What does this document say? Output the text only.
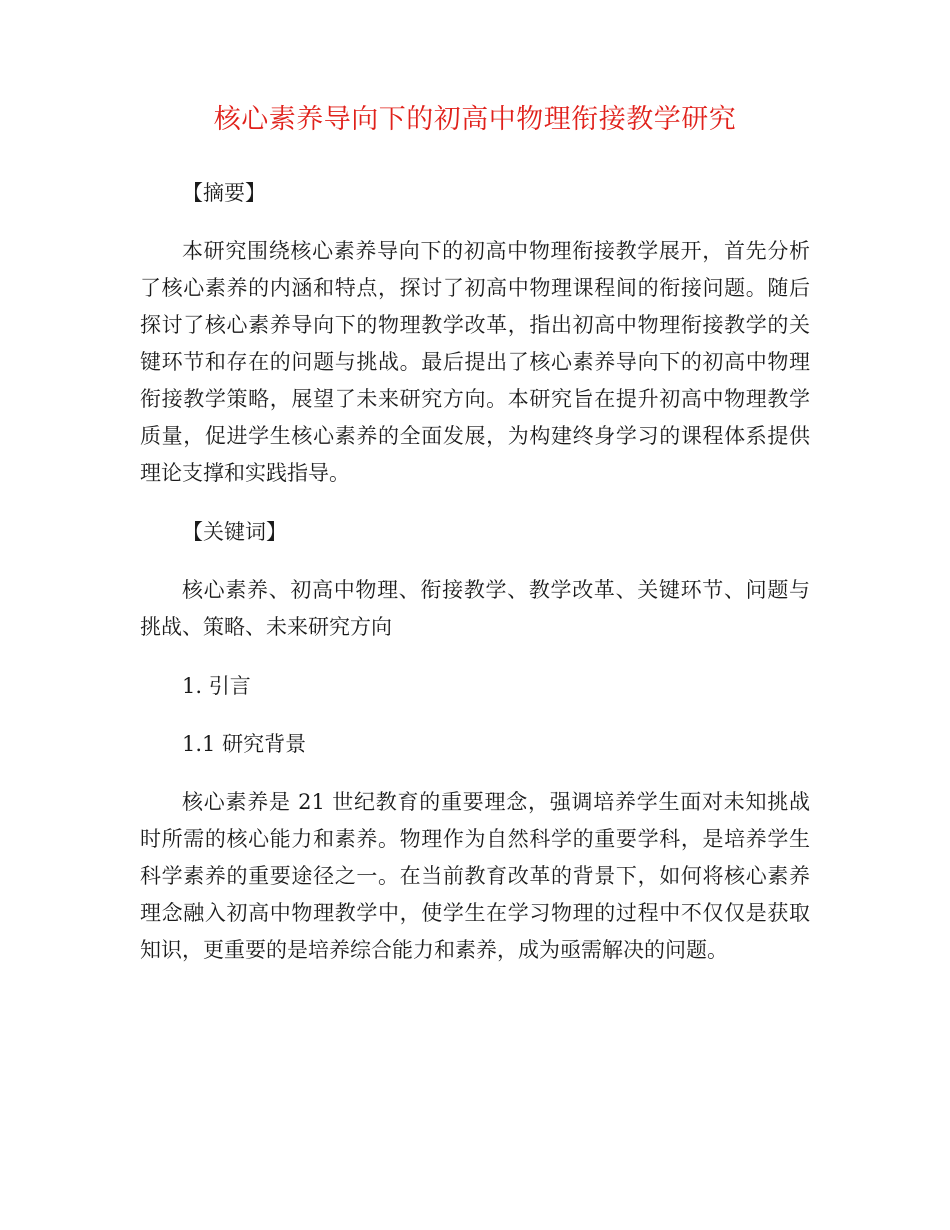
核心素养导向下的初高中物理衔接教学研究

【摘要】

本研究围绕核心素养导向下的初高中物理衔接教学展开，首先分析了核心素养的内涵和特点，探讨了初高中物理课程间的衔接问题。随后探讨了核心素养导向下的物理教学改革，指出初高中物理衔接教学的关键环节和存在的问题与挑战。最后提出了核心素养导向下的初高中物理衔接教学策略，展望了未来研究方向。本研究旨在提升初高中物理教学质量，促进学生核心素养的全面发展，为构建终身学习的课程体系提供理论支撑和实践指导。

【关键词】

核心素养、初高中物理、衔接教学、教学改革、关键环节、问题与挑战、策略、未来研究方向

1. 引言

1.1 研究背景

核心素养是 21 世纪教育的重要理念，强调培养学生面对未知挑战时所需的核心能力和素养。物理作为自然科学的重要学科，是培养学生科学素养的重要途径之一。在当前教育改革的背景下，如何将核心素养理念融入初高中物理教学中，使学生在学习物理的过程中不仅仅是获取知识，更重要的是培养综合能力和素养，成为亟需解决的问题。
